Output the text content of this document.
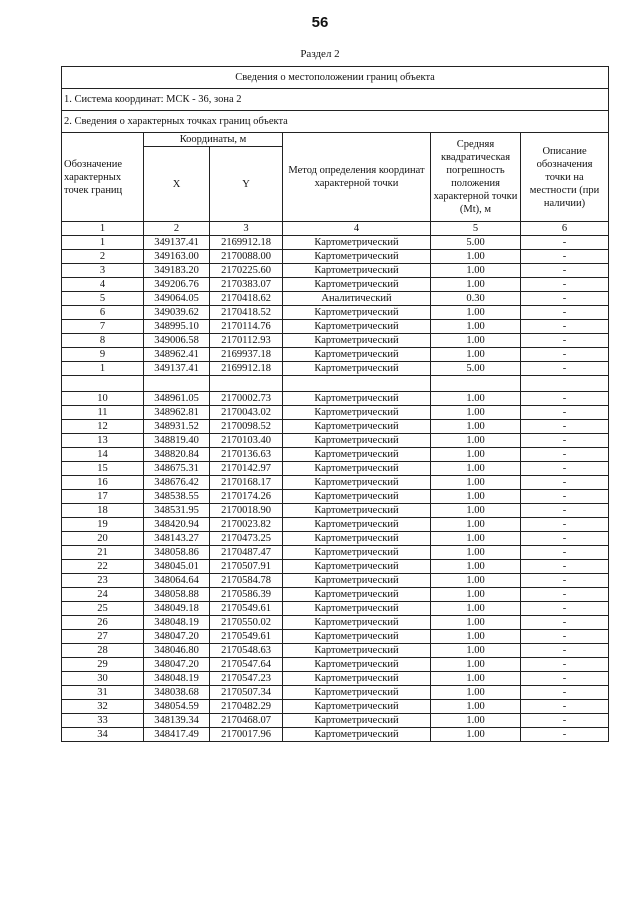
56
Раздел 2
Сведения о местоположении границ объекта					
1. Система координат: МСК - 36, зона 2					
2. Сведения о характерных точках границ объекта					
Обозначение характерных точек границ	Координаты, м		Метод определения координат характерной точки	Средняя квадратическая погрешность положения характерной точки (Mt), м	Описание обозначения точки на местности (при наличии)
	X	Y			
1	2	3	4	5	6
1	349137.41	2169912.18	Картометрический	5.00	-
2	349163.00	2170088.00	Картометрический	1.00	-
3	349183.20	2170225.60	Картометрический	1.00	-
4	349206.76	2170383.07	Картометрический	1.00	-
5	349064.05	2170418.62	Аналитический	0.30	-
6	349039.62	2170418.52	Картометрический	1.00	-
7	348995.10	2170114.76	Картометрический	1.00	-
8	349006.58	2170112.93	Картометрический	1.00	-
9	348962.41	2169937.18	Картометрический	1.00	-
1	349137.41	2169912.18	Картометрический	5.00	-

10	348961.05	2170002.73	Картометрический	1.00	-
11	348962.81	2170043.02	Картометрический	1.00	-
12	348931.52	2170098.52	Картометрический	1.00	-
13	348819.40	2170103.40	Картометрический	1.00	-
14	348820.84	2170136.63	Картометрический	1.00	-
15	348675.31	2170142.97	Картометрический	1.00	-
16	348676.42	2170168.17	Картометрический	1.00	-
17	348538.55	2170174.26	Картометрический	1.00	-
18	348531.95	2170018.90	Картометрический	1.00	-
19	348420.94	2170023.82	Картометрический	1.00	-
20	348143.27	2170473.25	Картометрический	1.00	-
21	348058.86	2170487.47	Картометрический	1.00	-
22	348045.01	2170507.91	Картометрический	1.00	-
23	348064.64	2170584.78	Картометрический	1.00	-
24	348058.88	2170586.39	Картометрический	1.00	-
25	348049.18	2170549.61	Картометрический	1.00	-
26	348048.19	2170550.02	Картометрический	1.00	-
27	348047.20	2170549.61	Картометрический	1.00	-
28	348046.80	2170548.63	Картометрический	1.00	-
29	348047.20	2170547.64	Картометрический	1.00	-
30	348048.19	2170547.23	Картометрический	1.00	-
31	348038.68	2170507.34	Картометрический	1.00	-
32	348054.59	2170482.29	Картометрический	1.00	-
33	348139.34	2170468.07	Картометрический	1.00	-
34	348417.49	2170017.96	Картометрический	1.00	-
